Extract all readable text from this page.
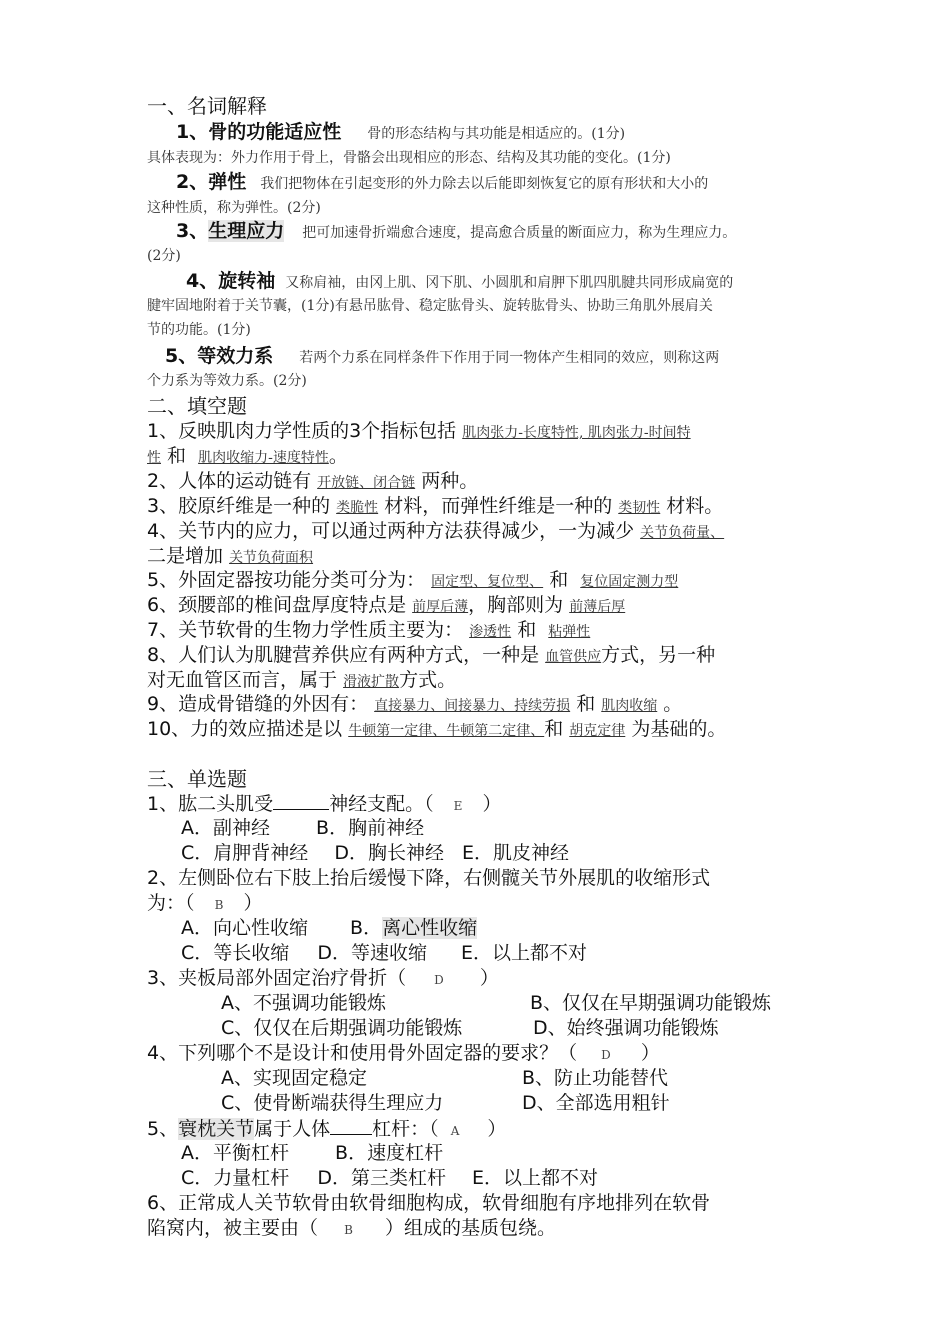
一、名词解释
1、骨的功能适应性 骨的形态结构与其功能是相适应的。(1分)
具体表现为：外力作用于骨上，骨骼会出现相应的形态、结构及其功能的变化。(1分)
2、弹性 我们把物体在引起变形的外力除去以后能即刻恢复它的原有形状和大小的
这种性质，称为弹性。(2分)
3、生理应力 把可加速骨折端愈合速度，提高愈合质量的断面应力，称为生理应力。
(2分)
4、旋转袖 又称肩袖，由冈上肌、冈下肌、小圆肌和肩胛下肌四肌腱共同形成扁宽的
腱牢固地附着于关节囊，(1分)有悬吊肱骨、稳定肱骨头、旋转肱骨头、协助三角肌外展肩关
节的功能。(1分)
5、等效力系 若两个力系在同样条件下作用于同一物体产生相同的效应，则称这两
个力系为等效力系。(2分)
二、填空题
1、反映肌肉力学性质的3个指标包括 肌肉张力-长度特性, 肌肉张力-时间特
性 和 肌肉收缩力-速度特性。
2、人体的运动链有 开放链、闭合链 两种。
3、胶原纤维是一种的 类脆性 材料，而弹性纤维是一种的 类韧性 材料。
4、关节内的应力，可以通过两种方法获得减少，一为减少 关节负荷量、
二是增加 关节负荷面积
5、外固定器按功能分类可分为： 固定型、复位型、 和 复位固定测力型
6、颈腰部的椎间盘厚度特点是 前厚后薄，胸部则为 前薄后厚
7、关节软骨的生物力学性质主要为： 渗透性 和 粘弹性
8、人们认为肌腱营养供应有两种方式，一种是 血管供应方式，另一种
对无血管区而言，属于 滑液扩散方式。
9、造成骨错缝的外因有： 直接暴力、间接暴力、持续劳损 和 肌肉收缩 。
10、力的效应描述是以 牛顿第一定律、牛顿第二定律、和 胡克定律 为基础的。
三、单选题
1、肱二头肌受	神经支配。（ E ）
A．副神经 B．胸前神经
C．肩胛背神经 D．胸长神经 E．肌皮神经
2、左侧卧位右下肢上抬后缓慢下降，右侧髋关节外展肌的收缩形式
为：（ B ）
A．向心性收缩 B．离心性收缩
C．等长收缩 D．等速收缩 E．以上都不对
3、夹板局部外固定治疗骨折（ D ）
A、不强调功能锻炼	B、仅仅在早期强调功能锻炼
C、仅仅在后期强调功能锻炼	D、始终强调功能锻炼
4、下列哪个不是设计和使用骨外固定器的要求？（ D ）
A、实现固定稳定	B、防止功能替代
C、使骨断端获得生理应力	D、全部选用粗针
5、寰枕关节属于人体 杠杆：（ A ）
A．平衡杠杆 B．速度杠杆
C．力量杠杆 D．第三类杠杆 E．以上都不对
6、正常成人关节软骨由软骨细胞构成，软骨细胞有序地排列在软骨
陷窝内，被主要由（ B ）组成的基质包绕。
